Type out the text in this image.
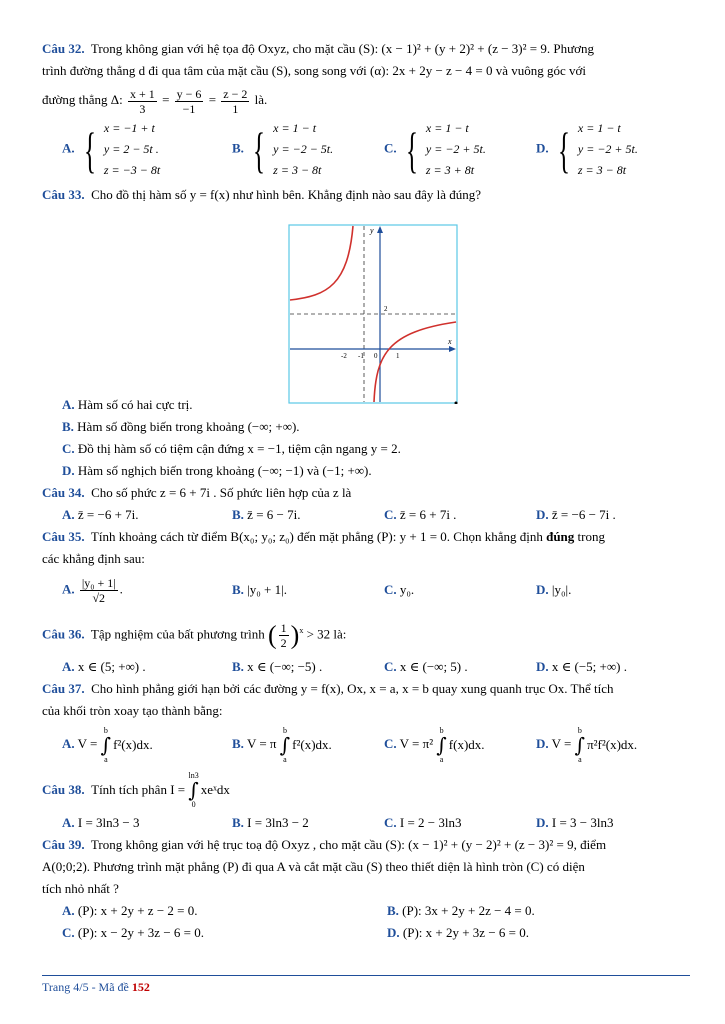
Câu 32. Trong không gian với hệ tọa độ Oxyz, cho mặt cầu (S): (x − 1)² + (y + 2)² + (z − 3)² = 9. Phương
trình đường thẳng d đi qua tâm của mặt cầu (S), song song với (α): 2x + 2y − z − 4 = 0 và vuông góc với
đường thẳng Δ: $\frac{x + 1}{3} = \frac{y - 6}{-1} = \frac{z - 2}{1}$ là.
A. { x = −1 + t
y = 2 − 5t .
z = −3 − 8t
B. { x = 1 − t
y = −2 − 5t.
z = 3 − 8t
C. { x = 1 − t
y = −2 + 5t.
z = 3 + 8t
D. { x = 1 − t
y = −2 + 5t.
z = 3 − 8t
Câu 33. Cho đồ thị hàm số y = f(x) như hình bên. Khẳng định nào sau đây là đúng?
A. Hàm số có hai cực trị.
B. Hàm số đồng biến trong khoảng (−∞; +∞).
C. Đồ thị hàm số có tiệm cận đứng x = −1, tiệm cận ngang y = 2.
D. Hàm số nghịch biến trong khoảng (−∞; −1) và (−1; +∞).
Câu 34. Cho số phức z = 6 + 7i . Số phức liên hợp của z là
A. z̄ = −6 + 7i.	B. z̄ = 6 − 7i.	C. z̄ = 6 + 7i .	D. z̄ = −6 − 7i .
Câu 35. Tính khoảng cách từ điểm B(x₀; y₀; z₀) đến mặt phẳng (P): y + 1 = 0. Chọn khẳng định đúng trong
các khẳng định sau:
A. $\frac{\text{|y₀ + 1|}}{√2}$ .	B. |y₀ + 1|.	C. y₀.	D. |y₀|.
Câu 36. Tập nghiệm của bất phương trình ( $\frac{1}{2} )^x > 32$ là:
A. x ∈ (5; +∞) .	B. x ∈ (−∞; −5) .	C. x ∈ (−∞; 5) .	D. x ∈ (−5; +∞) .
Câu 37. Cho hình phẳng giới hạn bởi các đường y = f(x), Ox, x = a, x = b quay xung quanh trục Ox. Thể tích
của khối tròn xoay tạo thành bằng:
A. V =
b
∫
a
f²(x)dx.	B. V = π
b
∫
a
f²(x)dx.	C. V = π²
b
∫
a
f(x)dx.	D. V =
b
∫
a
π²f²(x)dx.
Câu 38.
Tính tích phân
I =

ln3
∫
0
xeˣdx
A. I = 3ln3 − 3	B. I = 3ln3 − 2	C. I = 2 − 3ln3	D. I = 3 − 3ln3
Câu 39. Trong không gian với hệ trục toạ độ Oxyz , cho mặt cầu (S): (x − 1)² + (y − 2)² + (z − 3)² = 9, điểm
A(0;0;2). Phương trình mặt phẳng (P) đi qua A và cắt mặt cầu (S) theo thiết diện là hình tròn (C) có diện
tích nhỏ nhất ?
A. (P): x + 2y + z − 2 = 0.	B. (P): 3x + 2y + 2z − 4 = 0.
C. (P): x − 2y + 3z − 6 = 0.	D. (P): x + 2y + 3z − 6 = 0.
y
x
2
-2 -1 0	1
Trang 4/5 - Mã đề 152
